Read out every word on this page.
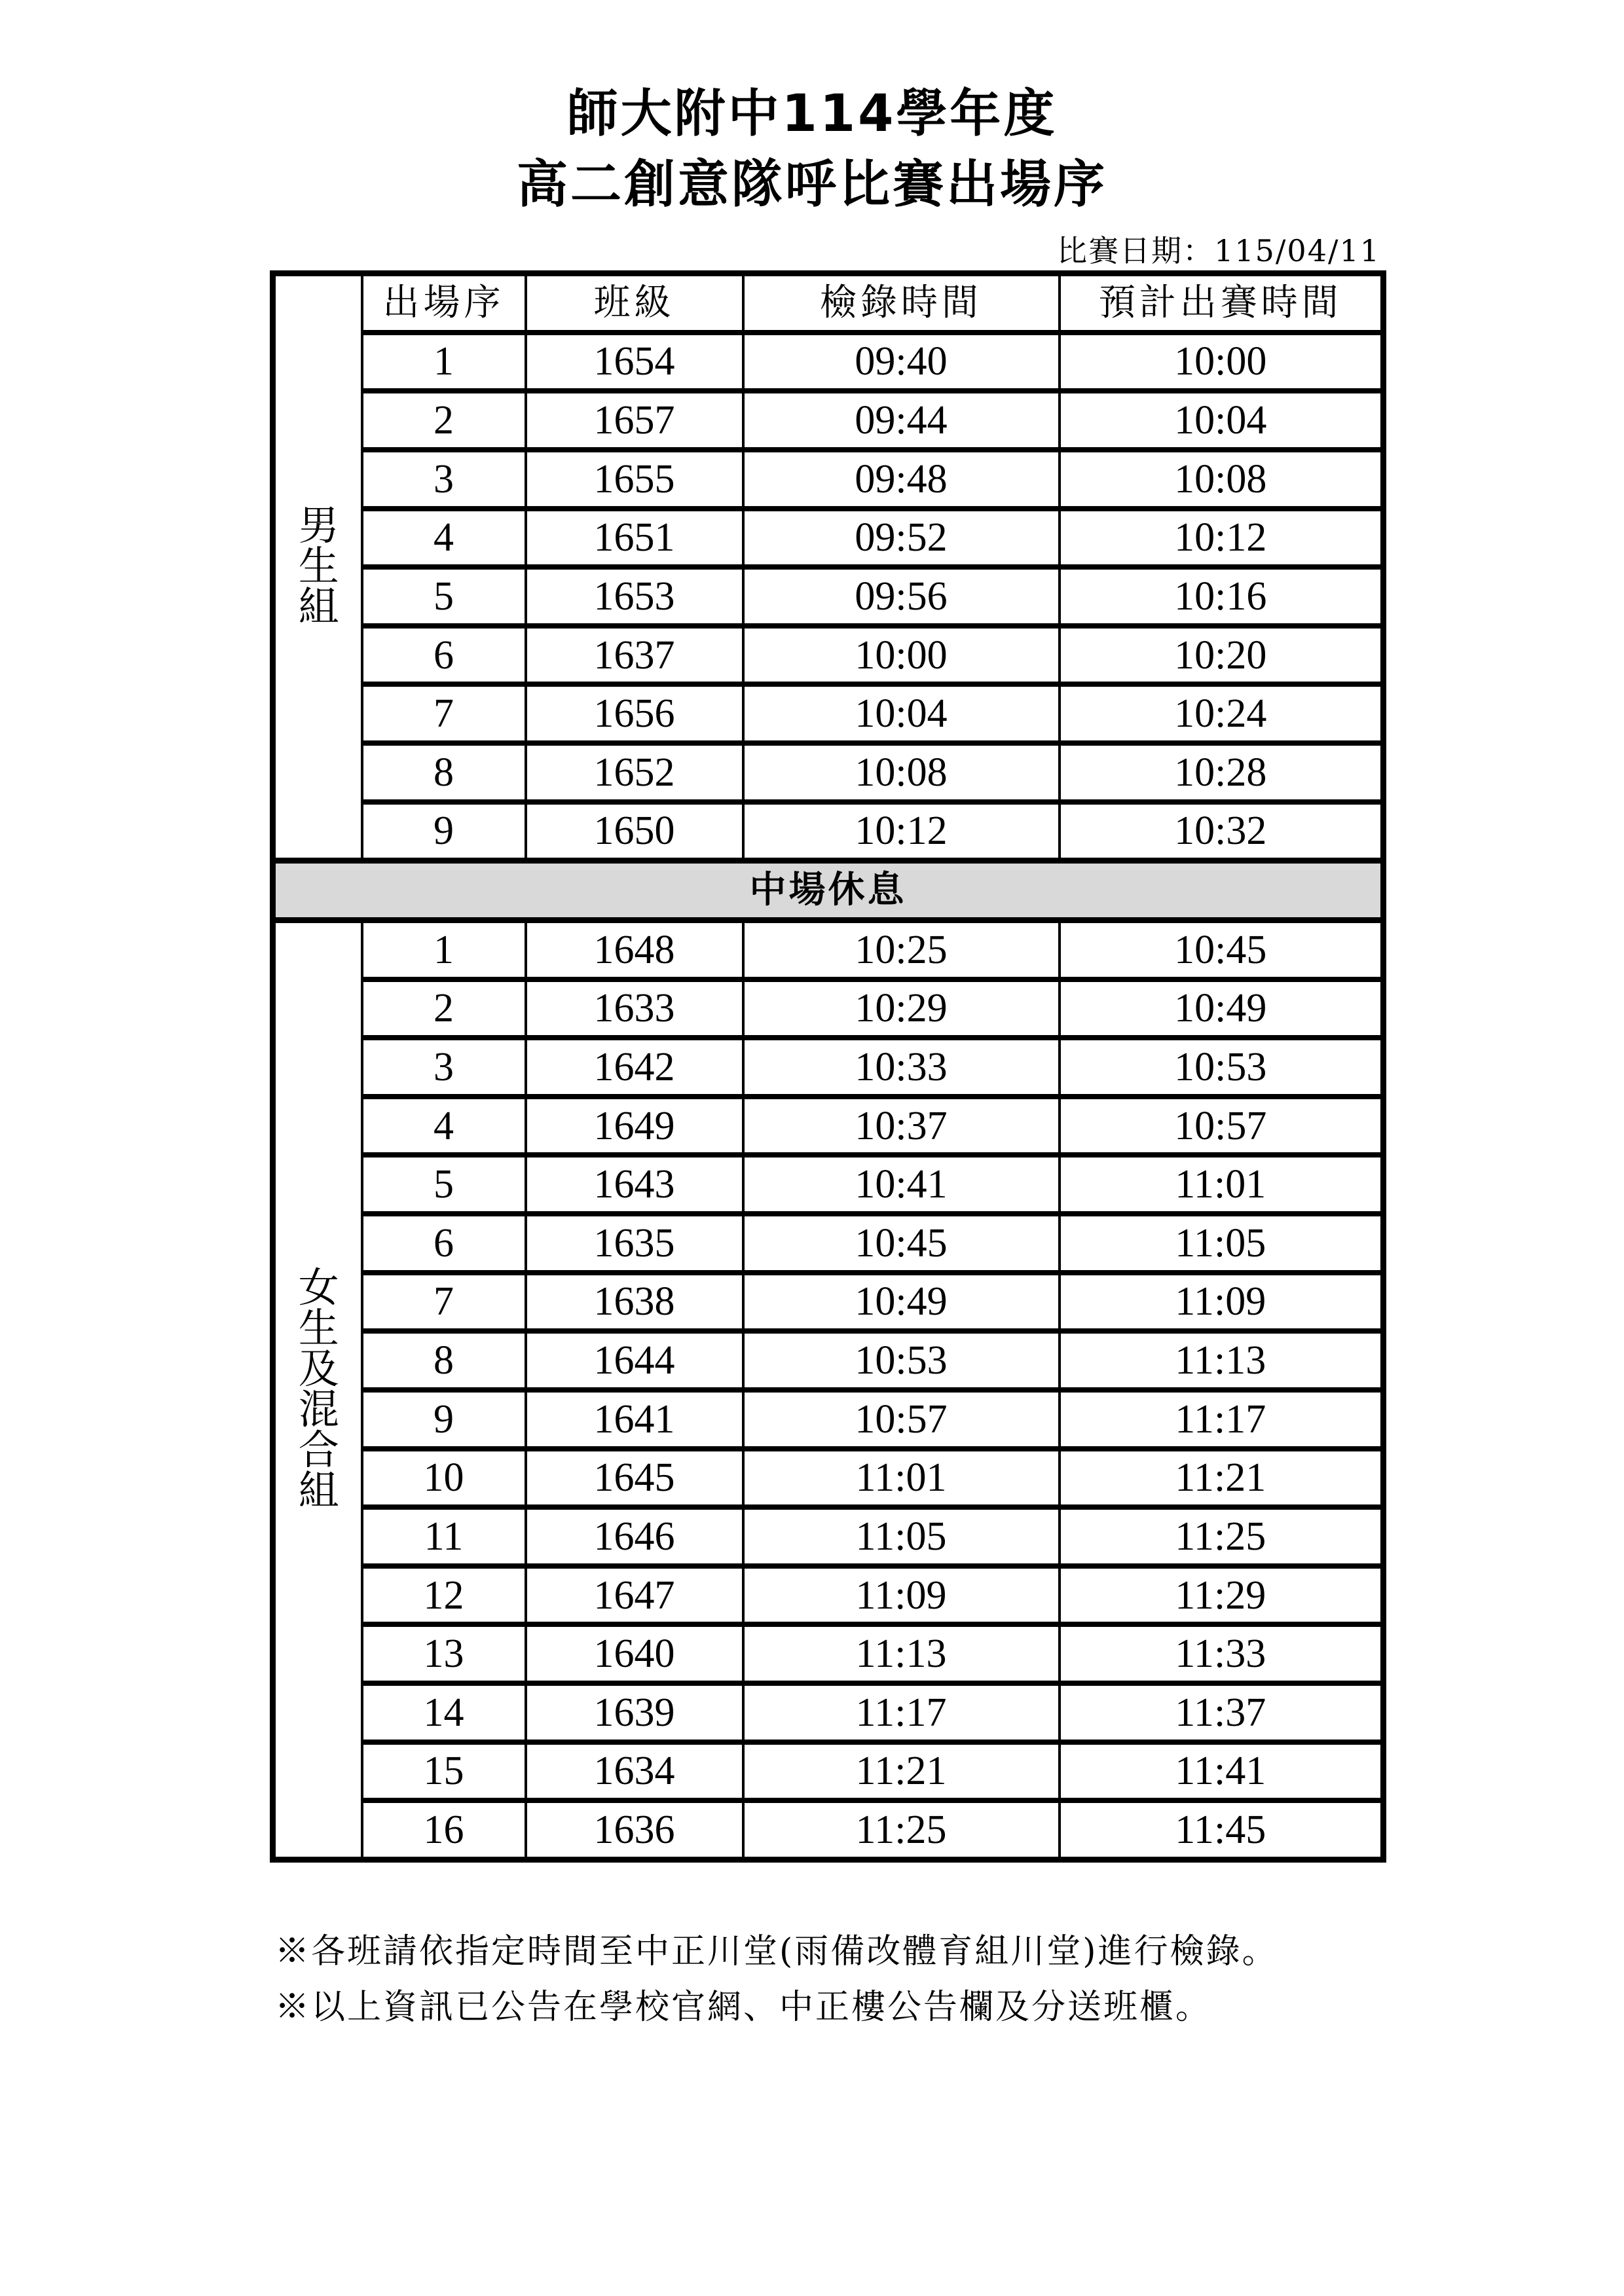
師大附中114學年度
高二創意隊呼比賽出場序
比賽日期：115/04/11
男生組	出場序	班級	檢錄時間	預計出賽時間
	1	1654	09:40	10:00
	2	1657	09:44	10:04
	3	1655	09:48	10:08
	4	1651	09:52	10:12
	5	1653	09:56	10:16
	6	1637	10:00	10:20
	7	1656	10:04	10:24
	8	1652	10:08	10:28
	9	1650	10:12	10:32
中場休息				
女生及混合組	1	1648	10:25	10:45
	2	1633	10:29	10:49
	3	1642	10:33	10:53
	4	1649	10:37	10:57
	5	1643	10:41	11:01
	6	1635	10:45	11:05
	7	1638	10:49	11:09
	8	1644	10:53	11:13
	9	1641	10:57	11:17
	10	1645	11:01	11:21
	11	1646	11:05	11:25
	12	1647	11:09	11:29
	13	1640	11:13	11:33
	14	1639	11:17	11:37
	15	1634	11:21	11:41
	16	1636	11:25	11:45
※各班請依指定時間至中正川堂(雨備改體育組川堂)進行檢錄。
※以上資訊已公告在學校官網、中正樓公告欄及分送班櫃。
